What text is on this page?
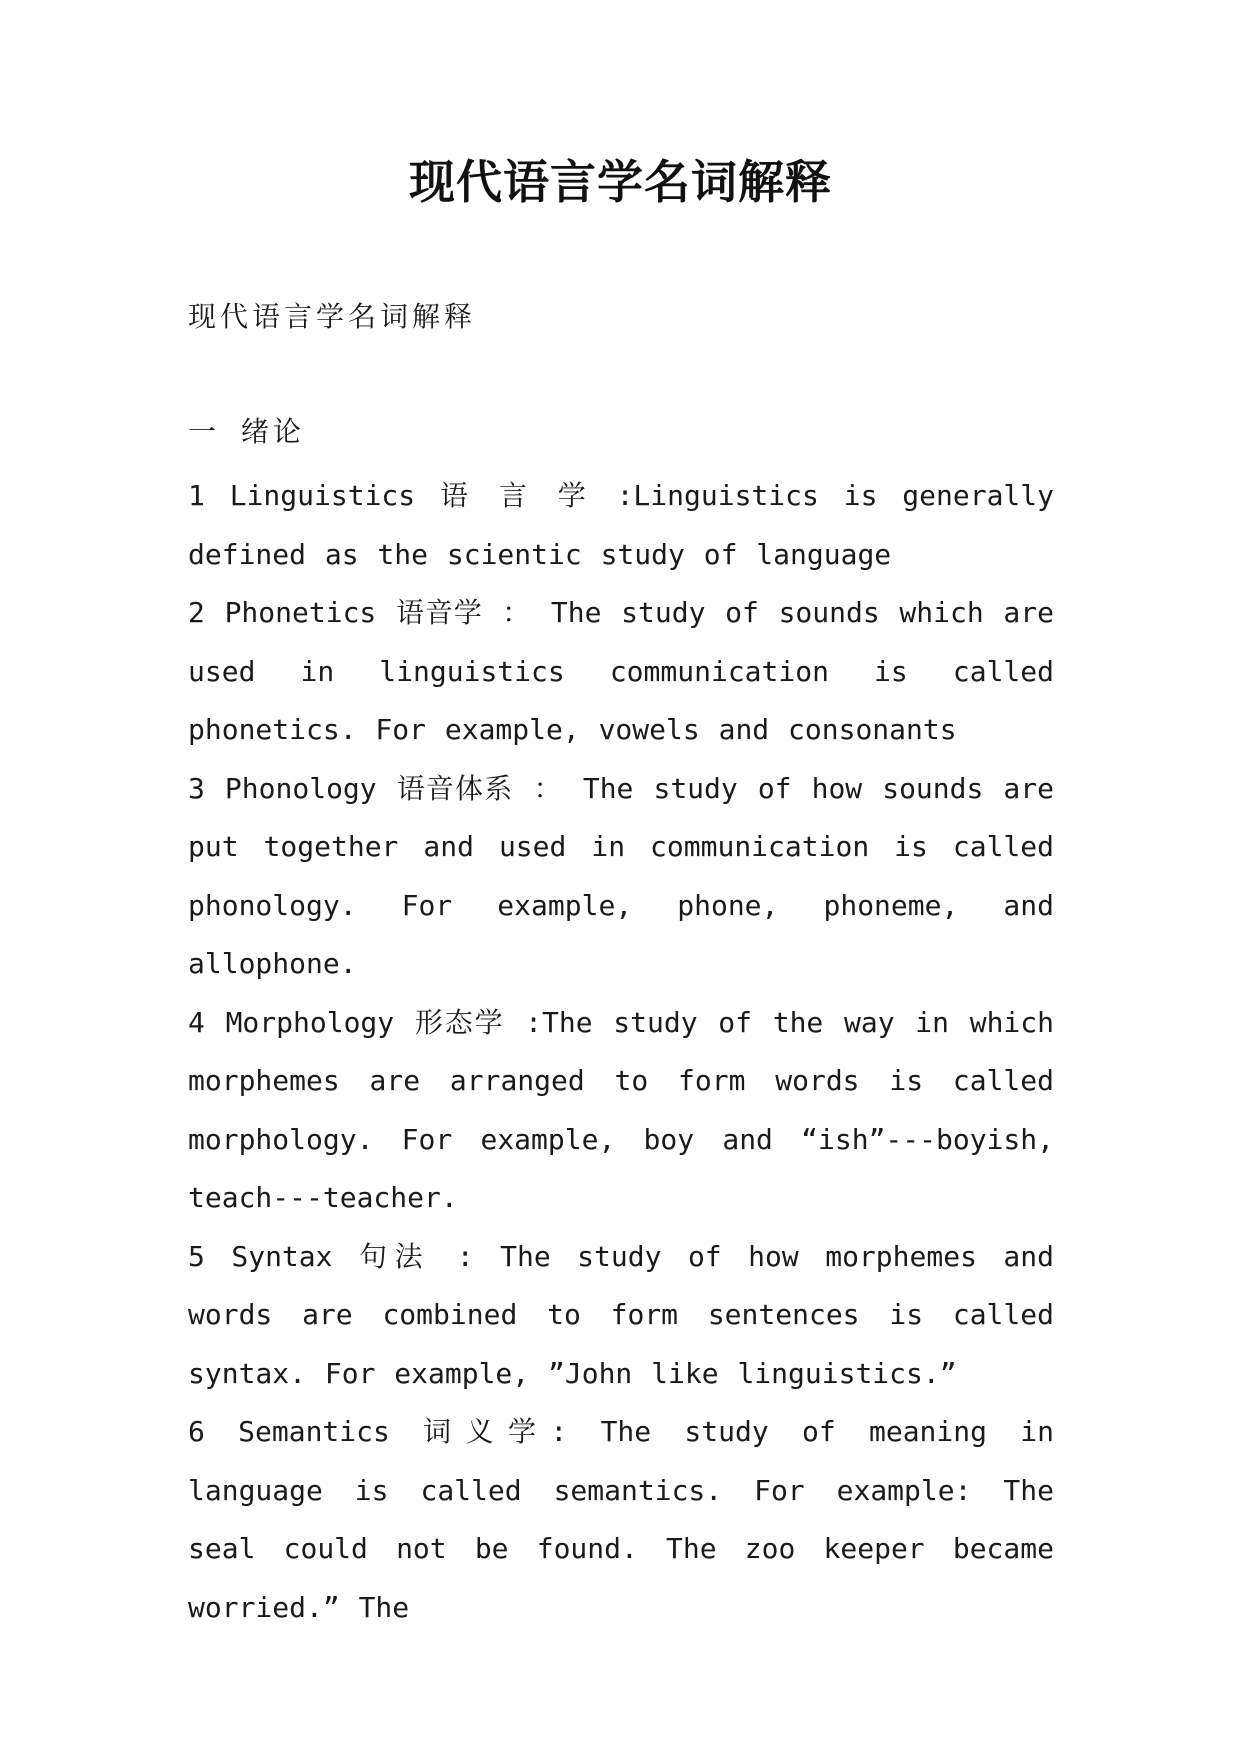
现代语言学名词解释
现代语言学名词解释
一 绪论

1 Linguistics 语 言 学 :Linguistics is generally defined as the scientic study of language

2 Phonetics 语音学 ： The study of sounds which are used in linguistics communication is called phonetics. For example, vowels and consonants

3 Phonology 语音体系 ： The study of how sounds are put together and used in communication is called phonology. For example, phone, phoneme, and allophone.

4 Morphology 形态学 :The study of the way in which morphemes are arranged to form words is called morphology. For example, boy and “ish”---boyish, teach---teacher.

5 Syntax 句法 : The study of how morphemes and words are combined to form sentences is called syntax. For example, ”John like linguistics.”

6 Semantics 词义学: The study of meaning in language is called semantics. For example: The seal could not be found. The zoo keeper became worried.” The
